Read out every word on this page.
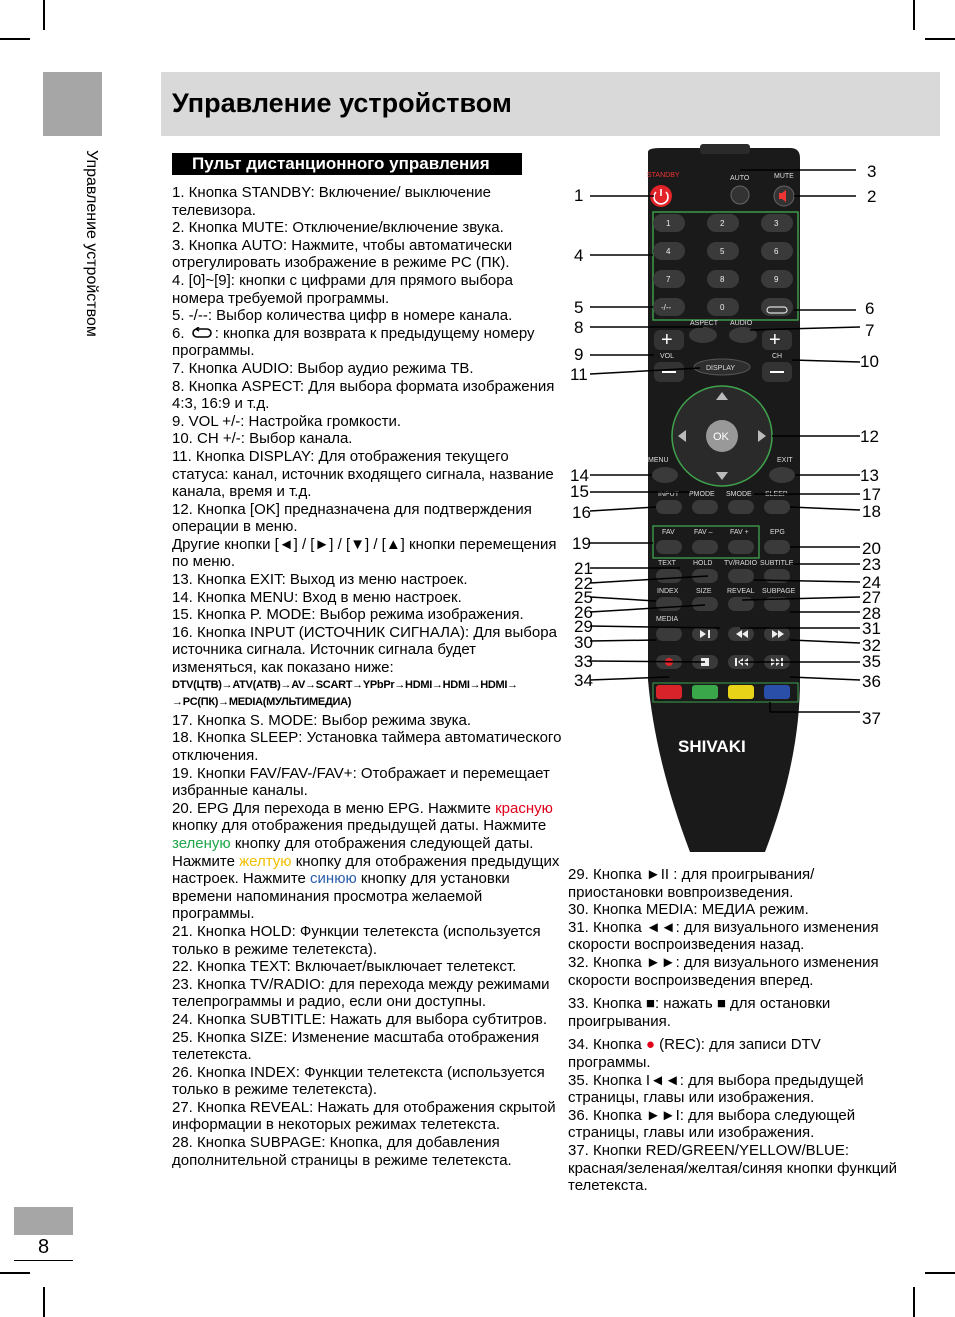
Управление устройством
Управление устройством
8
Пульт дистанционного управления

1. Кнопка STANDBY: Включение/ выключение телевизора.

2. Кнопка MUTE: Отключение/включение звука.

3. Кнопка AUTO: Нажмите, чтобы автоматически отрегулировать изображение в режиме PC (ПК).

4. [0]~[9]: кнопки с цифрами для прямого выбора номера требуемой программы.

5. -/--: Выбор количества цифр в номере канала.

6. : кнопка для возврата к предыдущему номеру программы.

7. Кнопка AUDIO: Выбор аудио режима ТВ.

8. Кнопка ASPECT: Для выбора формата изображения 4:3, 16:9 и т.д.

9. VOL +/-: Настройка громкости.

10. CH +/-: Выбор канала.

11. Кнопка DISPLAY: Для отображения текущего статуса: канал, источник входящего сигнала, название канала, время и т.д.

12. Кнопка [OK] предназначена для подтверждения операции в меню.

Другие кнопки [◄] / [►] / [▼] / [▲] кнопки перемещения по меню.

13. Кнопка EXIT: Выход из меню настроек.

14. Кнопка MENU: Вход в меню настроек.

15. Кнопка P. MODE: Выбор режима изображения.

16. Кнопка INPUT (ИСТОЧНИК СИГНАЛА): Для выбора источника сигнала. Источник сигнала будет изменяться, как показано ниже:

DTV(ЦТВ)→ATV(АТВ)→AV→SCART→YPbPr→HDMI→HDMI→HDMI→

→PC(ПК)→MEDIA(МУЛЬТИМЕДИА)

17. Кнопка S. MODE: Выбор режима звука.

18. Кнопка SLEEP: Установка таймера автоматического отключения.

19. Кнопки FAV/FAV-/FAV+: Отображает и перемещает избранные каналы.

20. EPG Для перехода в меню EPG. Нажмите красную кнопку для отображения предыдущей даты. Нажмите зеленую кнопку для отображения следующей даты. Нажмите желтую кнопку для отображения предыдущих настроек. Нажмите синюю кнопку для установки времени напоминания просмотра желаемой программы.

21. Кнопка HOLD: Функции телетекста (используется только в режиме телетекста).

22. Кнопка TEXT: Включает/выключает телетекст.

23. Кнопка TV/RADIO: для перехода между режимами телепрограммы и радио, если они доступны.

24. Кнопка SUBTITLE: Нажать для выбора субтитров.

25. Кнопка SIZE: Изменение масштаба отображения телетекста.

26. Кнопка INDEX: Функции телетекста (используется только в режиме телетекста).

27. Кнопка REVEAL: Нажать для отображения скрытой информации в некоторых режимах телетекста.

28. Кнопка SUBPAGE: Кнопка, для добавления дополнительной страницы в режиме телетекста.

29. Кнопка ►II : для проигрывания/ приостановки вовпроизведения.

30. Кнопка MEDIA: МЕДИА режим.

31. Кнопка ◄◄: для визуального изменения скорости воспроизведения назад.

32. Кнопка ►►: для визуального изменения скорости воспроизведения вперед.

33. Кнопка ■: нажать ■ для остановки проигрывания.

34. Кнопка ● (REC): для записи DTV программы.

35. Кнопка I◄◄: для выбора предыдущей страницы, главы или изображения.

36. Кнопка ►►I: для выбора следующей страницы, главы или изображения.

37. Кнопки RED/GREEN/YELLOW/BLUE: красная/зеленая/желтая/синяя кнопки функций телетекста.

STANDBY	AUTO	MUTE
1	2	3
4	5	6
7	8	9
0
-/--
ASPECT AUDIO
+
VOL
+
CH
DISPLAY
OK
MENU	EXIT
INPUT PMODE SMODE SLEEP
FAV	FAV – FAV +	EPG
TEXT HOLD TV/RADIO SUBTITLE
INDEX	SIZE REVEAL SUBPAGE
MEDIA
SHIVAKI
1
4
5
8
9
11
14
15
16
19
21
22
25
26
29
30
33
34
3
2
6
7
10
12
13
17
18
20
23
24
27
28
31
32
35
36
37
